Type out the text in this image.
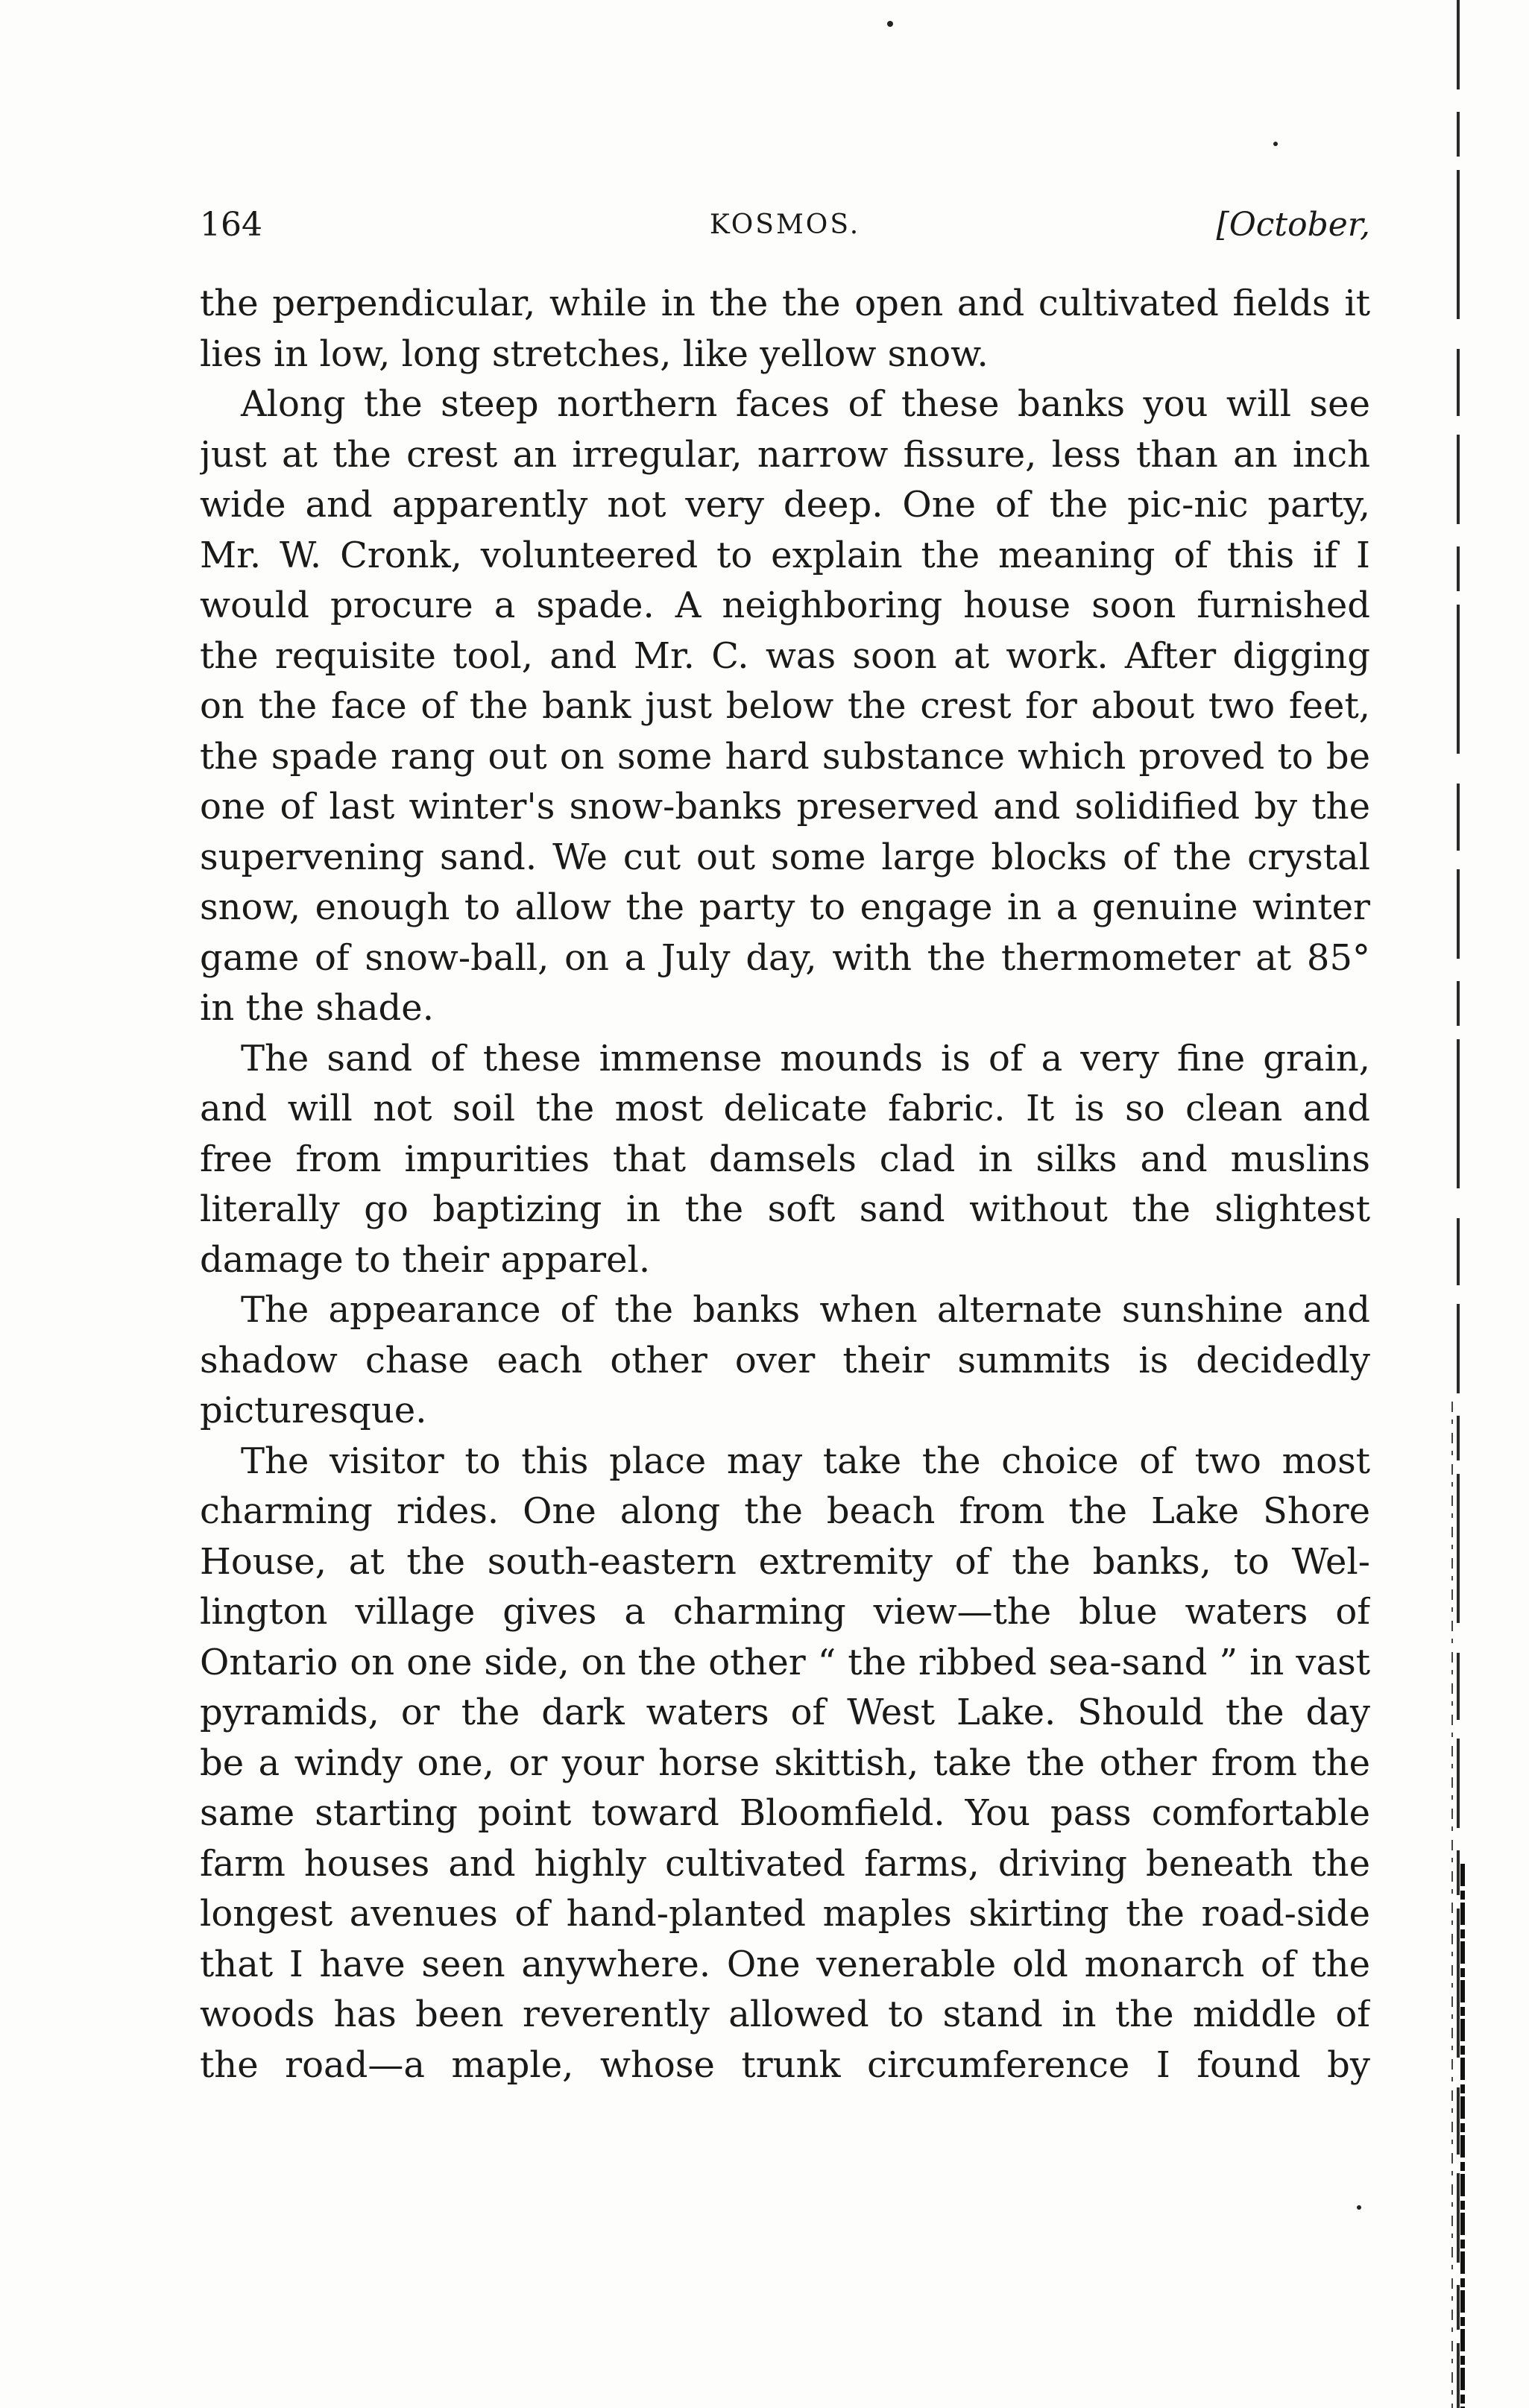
164	KOSMOS.	[October,
the perpendicular, while in the the open and cultivated fields it
lies in low, long stretches, like yellow snow.
Along the steep northern faces of these banks you will see
just at the crest an irregular, narrow fissure, less than an inch
wide and apparently not very deep. One of the pic-nic party,
Mr. W. Cronk, volunteered to explain the meaning of this if I
would procure a spade. A neighboring house soon furnished
the requisite tool, and Mr. C. was soon at work. After digging
on the face of the bank just below the crest for about two feet,
the spade rang out on some hard substance which proved to be
one of last winter's snow-banks preserved and solidified by the
supervening sand. We cut out some large blocks of the crystal
snow, enough to allow the party to engage in a genuine winter
game of snow-ball, on a July day, with the thermometer at 85°
in the shade.
The sand of these immense mounds is of a very fine grain,
and will not soil the most delicate fabric. It is so clean and
free from impurities that damsels clad in silks and muslins
literally go baptizing in the soft sand without the slightest
damage to their apparel.
The appearance of the banks when alternate sunshine and
shadow chase each other over their summits is decidedly
picturesque.
The visitor to this place may take the choice of two most
charming rides. One along the beach from the Lake Shore
House, at the south-eastern extremity of the banks, to Wel-
lington village gives a charming view—the blue waters of
Ontario on one side, on the other “ the ribbed sea-sand ” in vast
pyramids, or the dark waters of West Lake. Should the day
be a windy one, or your horse skittish, take the other from the
same starting point toward Bloomfield. You pass comfortable
farm houses and highly cultivated farms, driving beneath the
longest avenues of hand-planted maples skirting the road-side
that I have seen anywhere. One venerable old monarch of the
woods has been reverently allowed to stand in the middle of
the road—a maple, whose trunk circumference I found by
